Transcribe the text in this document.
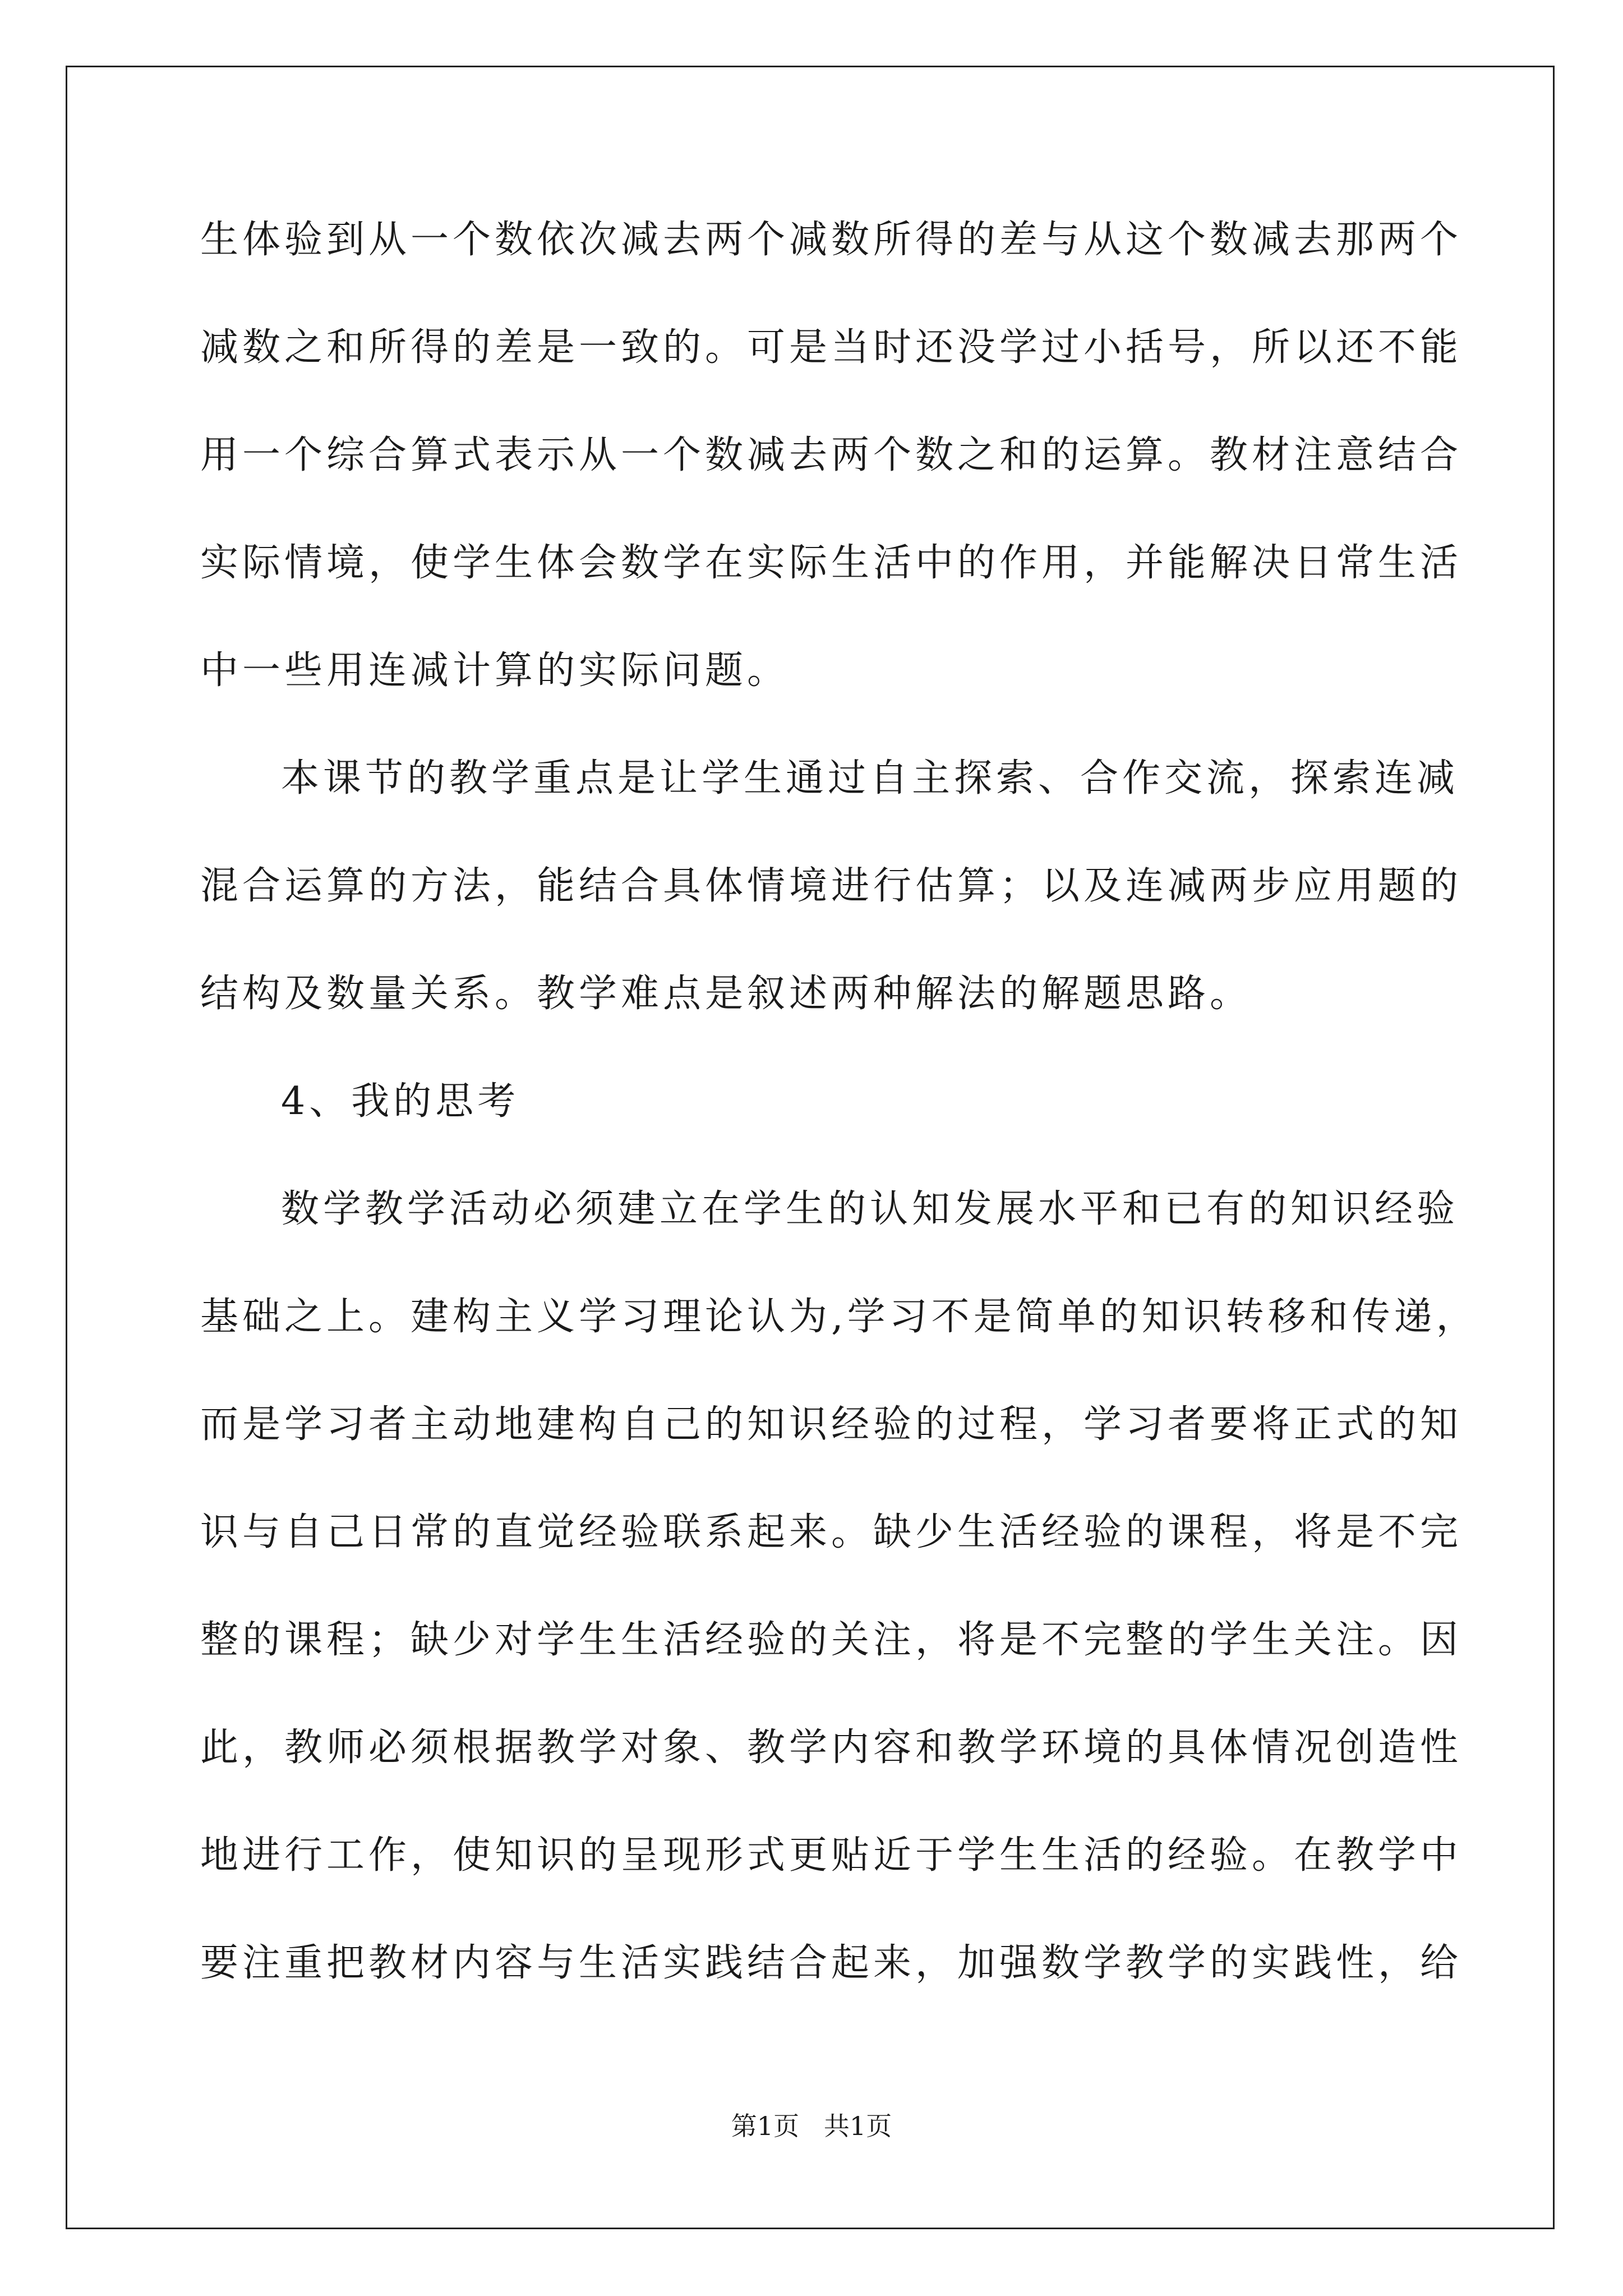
生体验到从一个数依次减去两个减数所得的差与从这个数减去那两个
减数之和所得的差是一致的。可是当时还没学过小括号，所以还不能
用一个综合算式表示从一个数减去两个数之和的运算。教材注意结合
实际情境，使学生体会数学在实际生活中的作用，并能解决日常生活
中一些用连减计算的实际问题。
本课节的教学重点是让学生通过自主探索、合作交流，探索连减
混合运算的方法，能结合具体情境进行估算；以及连减两步应用题的
结构及数量关系。教学难点是叙述两种解法的解题思路。
4、我的思考
数学教学活动必须建立在学生的认知发展水平和已有的知识经验
基础之上。建构主义学习理论认为,学习不是简单的知识转移和传递，
而是学习者主动地建构自己的知识经验的过程，学习者要将正式的知
识与自己日常的直觉经验联系起来。缺少生活经验的课程，将是不完
整的课程；缺少对学生生活经验的关注，将是不完整的学生关注。因
此，教师必须根据教学对象、教学内容和教学环境的具体情况创造性
地进行工作，使知识的呈现形式更贴近于学生生活的经验。在教学中
要注重把教材内容与生活实践结合起来，加强数学教学的实践性，给
第1页   共1页
